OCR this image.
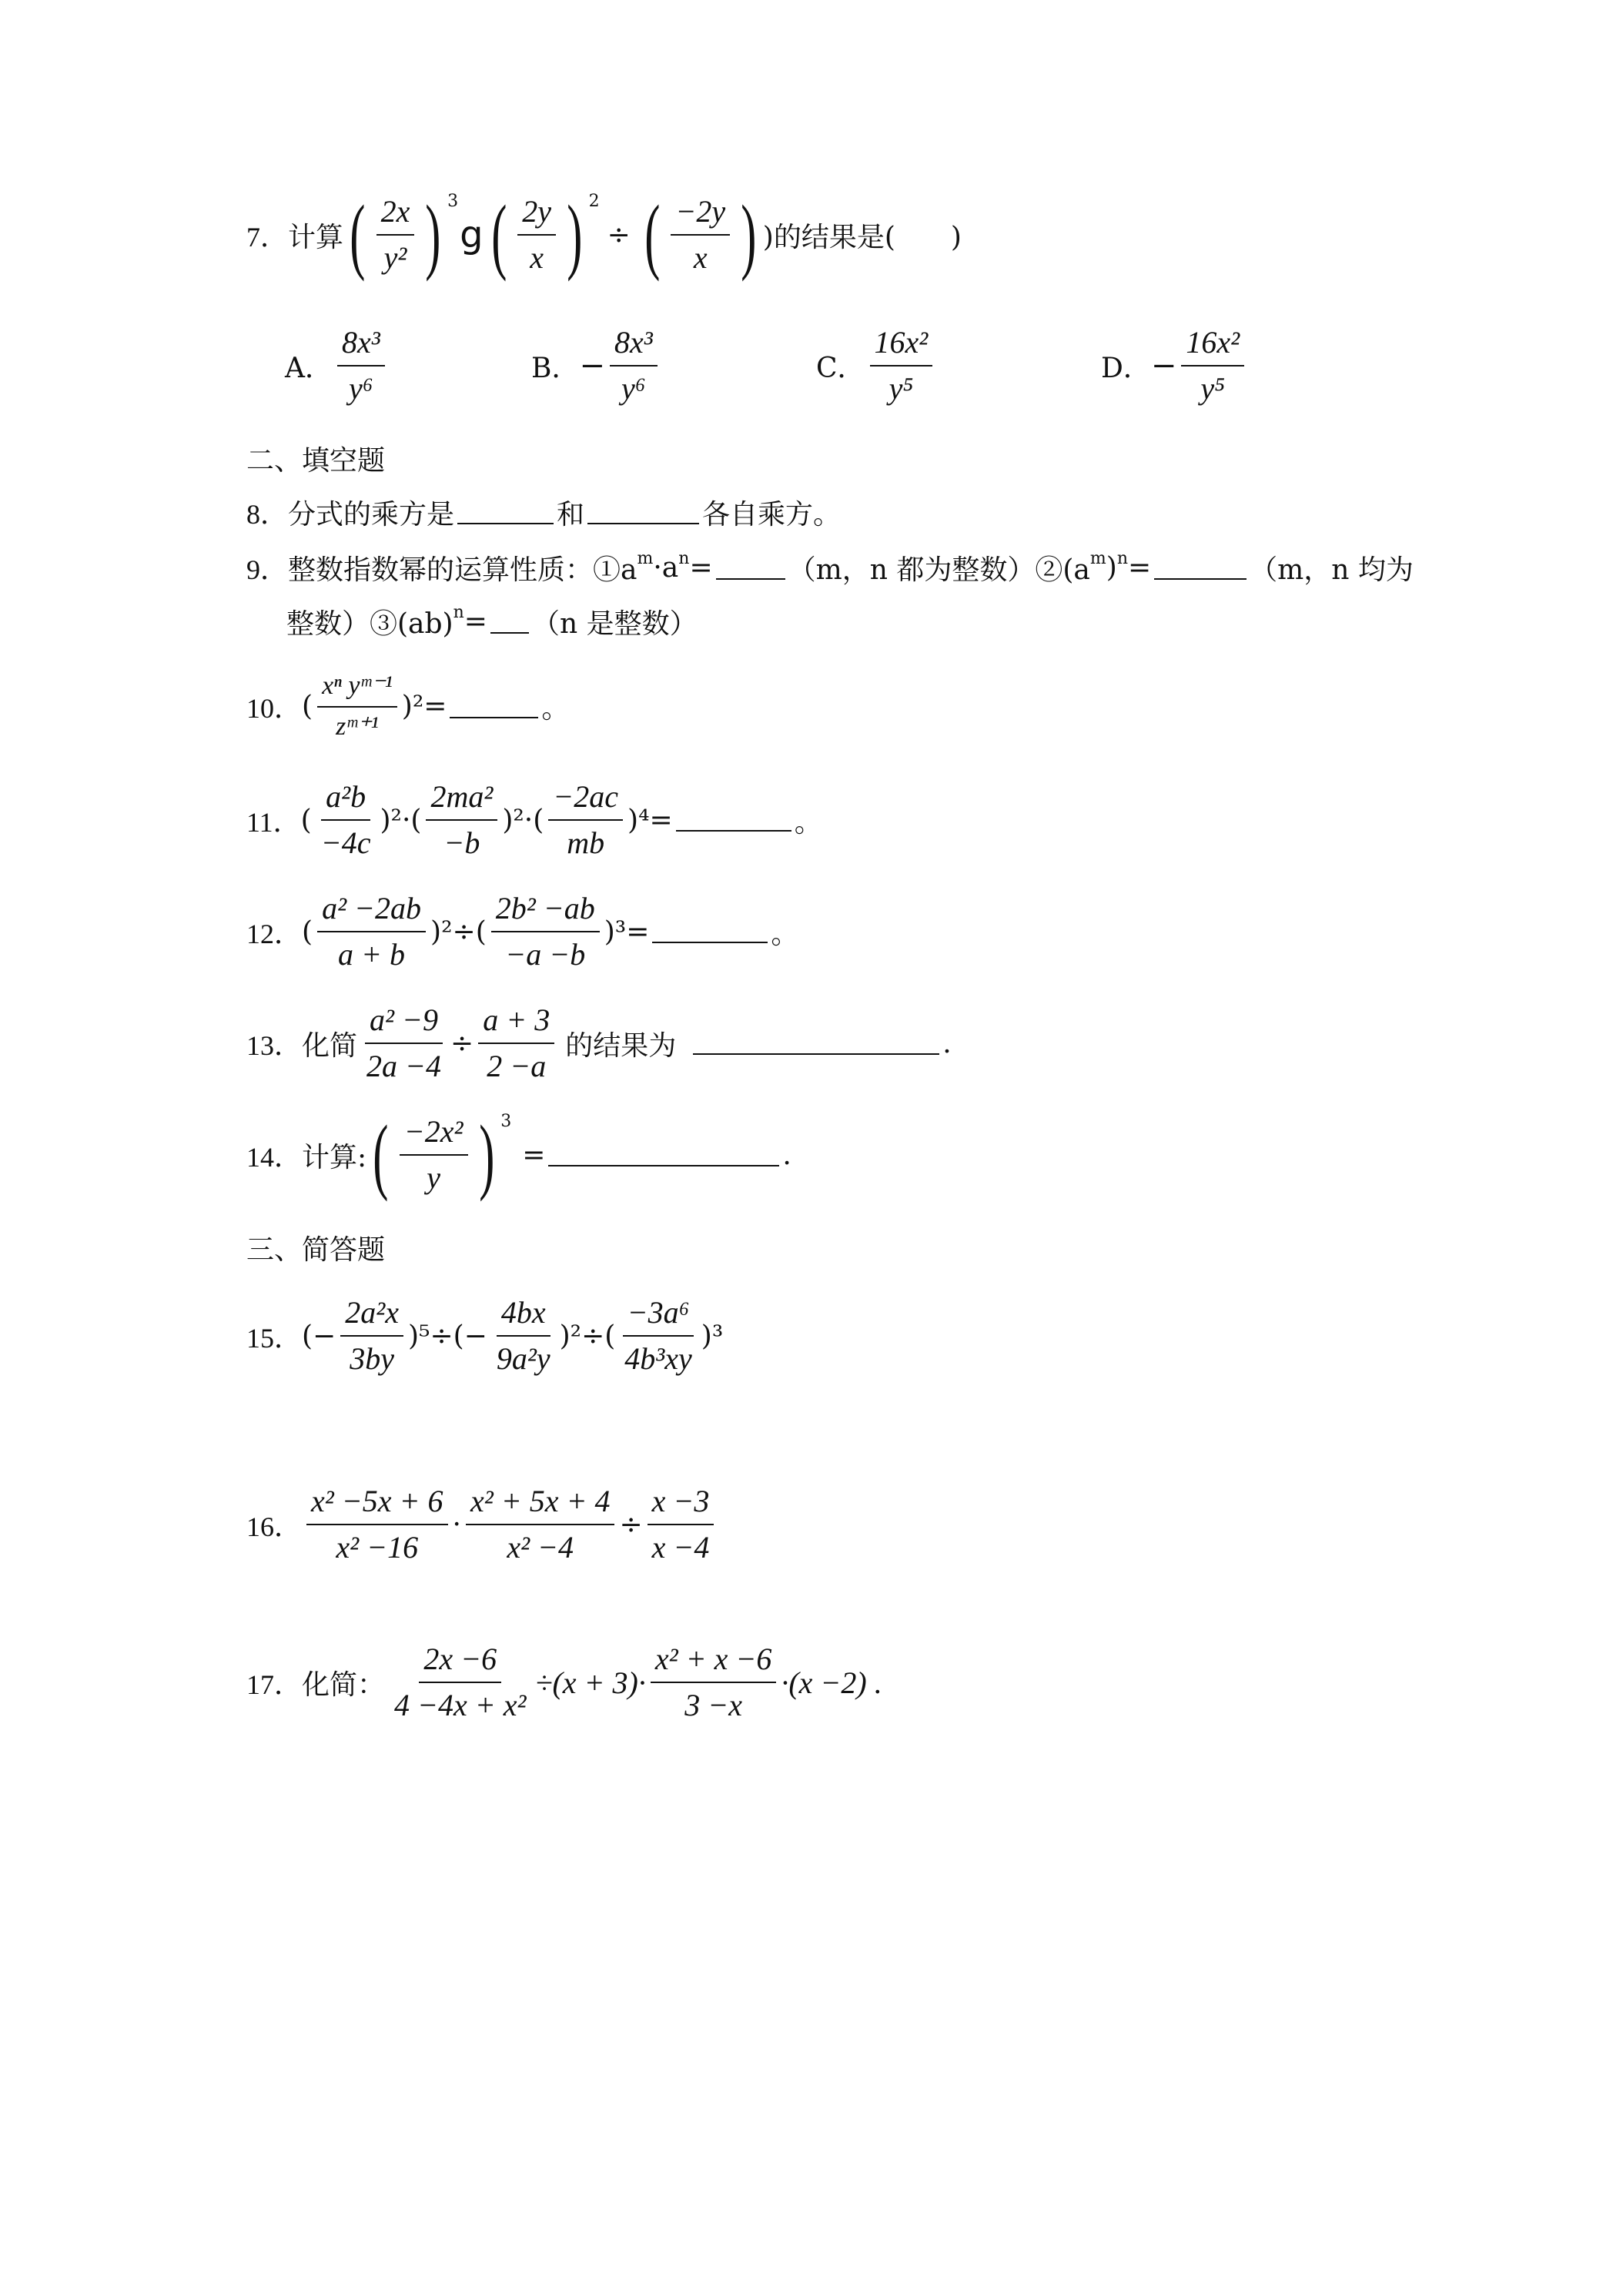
7． 计算 ( $\frac{2x}{\text{y²}}$ ) 3
g ( $\frac{2y}{x}$ ) 2
÷ ( $\frac{-2y}{x}$ ) )的结果是(　　)
A． $\frac{\text{8x³}}{\text{y⁶}}$	B． − $\frac{\text{8x³}}{\text{y⁶}}$	C． $\frac{\text{16x²}}{\text{y⁵}}$	D． − $\frac{\text{16x²}}{\text{y⁵}}$
二、填空题
8． 分式的乘方是	和	各自乘方。
9． 整数指数幂的运算性质：①a m ·a n =	（m，n 都为整数）②(a m ) n =	（m，n 均为
整数）③(ab) n = （n 是整数）
10． ( $\frac{\text{xⁿ yᵐ⁻¹}}{\text{zᵐ⁺¹}} )^2=$	。
11． ( $\frac{\text{a²b}}{-4c} )^2\cdot( \frac{\text{2ma²}}{-b} )^2\cdot( \frac{-2ac}{mb} )^4=$	。
12． ( $\frac{\text{a² −2ab}}{a + b} )^2\div( \frac{\text{2b² −ab}}{-a -b} )^3=$	。
13． 化简 $\frac{\text{a² −9}}{2a -4} \div \frac{a + 3}{2 -a}$ 的结果为	.
14． 计算: ( $\frac{\text{−2x²}}{y}$ ) 3
=	.
三、简答题
15． (− $\frac{\text{2a²x}}{3by} )^5\div(- \frac{4bx}{\text{9a²y}} )^2\div( \frac{\text{−3a⁶}}{\text{4b³xy}} )^3$
16． $\frac{\text{x² −5x + 6}}{\text{x² −16}} \cdot \frac{\text{x² + 5x + 4}}{\text{x² −4}} \div \frac{x -3}{x -4}$
17． 化简： $\frac{2x -6}{\text{4 −4x + x²}} \div(x + 3)\cdot \frac{\text{x² + x −6}}{3 -x} \cdot(x -2)$ .
